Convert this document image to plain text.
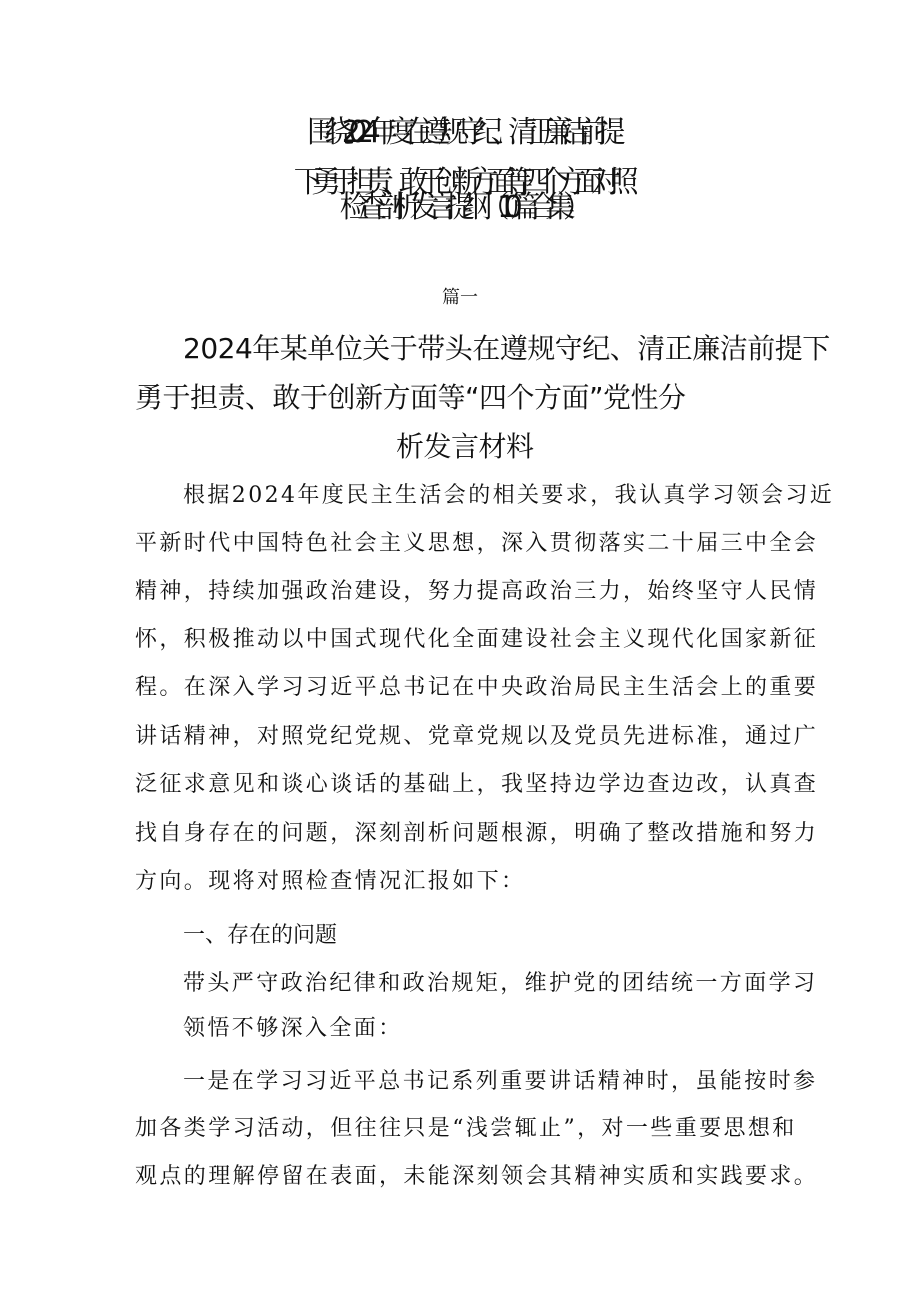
围绕2024年度在遵规守纪、清正廉洁前提
下勇于担责、敢于创新方面等四个方面对照
检查剖析发言提纲（10篇合集）
篇一
2024年某单位关于带头在遵规守纪、清正廉洁前提下
勇于担责、敢于创新方面等“四个方面”党性分
析发言材料
根据2024年度民主生活会的相关要求，我认真学习领会习近
平新时代中国特色社会主义思想，深入贯彻落实二十届三中全会
精神，持续加强政治建设，努力提高政治三力，始终坚守人民情
怀，积极推动以中国式现代化全面建设社会主义现代化国家新征
程。在深入学习习近平总书记在中央政治局民主生活会上的重要
讲话精神，对照党纪党规、党章党规以及党员先进标准，通过广
泛征求意见和谈心谈话的基础上，我坚持边学边查边改，认真查
找自身存在的问题，深刻剖析问题根源，明确了整改措施和努力
方向。现将对照检查情况汇报如下：
一、存在的问题
带头严守政治纪律和政治规矩，维护党的团结统一方面学习
领悟不够深入全面：
一是在学习习近平总书记系列重要讲话精神时，虽能按时参
加各类学习活动，但往往只是“浅尝辄止”，对一些重要思想和
观点的理解停留在表面，未能深刻领会其精神实质和实践要求。
